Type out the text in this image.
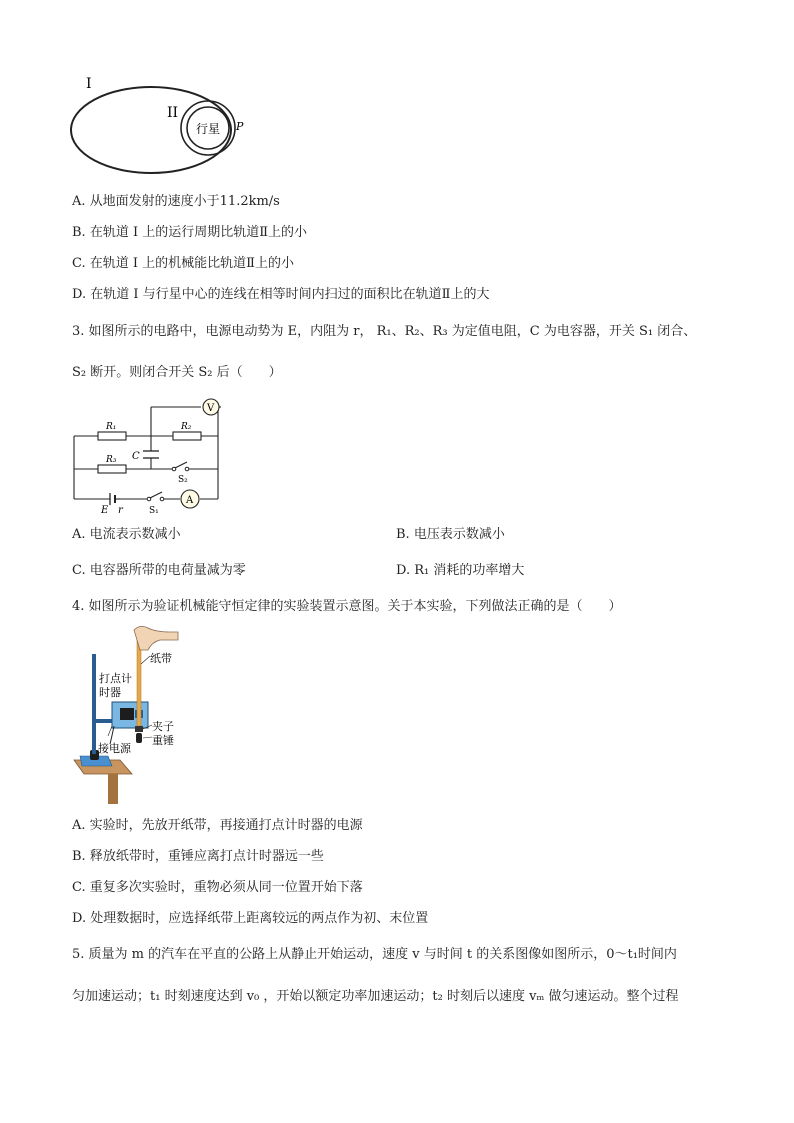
I
II
行星 P
A. 从地面发射的速度小于11.2km/s
B. 在轨道 I 上的运行周期比轨道Ⅱ上的小
C. 在轨道 I 上的机械能比轨道Ⅱ上的小
D. 在轨道 I 与行星中心的连线在相等时间内扫过的面积比在轨道Ⅱ上的大
3. 如图所示的电路中，电源电动势为 E，内阻为 r， R₁、R₂、R₃ 为定值电阻，C 为电容器，开关 S₁ 闭合、
S₂ 断开。则闭合开关 S₂ 后（　　）
V
A
R₁	R₂
R₃ C
S₂
E r	S₁
A. 电流表示数减小	B. 电压表示数减小
C. 电容器所带的电荷量减为零	D. R₁ 消耗的功率增大
4. 如图所示为验证机械能守恒定律的实验装置示意图。关于本实验，下列做法正确的是（　　）
纸带
打点计
时器
夹子
重锤
接电源
A. 实验时，先放开纸带，再接通打点计时器的电源
B. 释放纸带时，重锤应离打点计时器远一些
C. 重复多次实验时，重物必须从同一位置开始下落
D. 处理数据时，应选择纸带上距离较远的两点作为初、末位置
5. 质量为 m 的汽车在平直的公路上从静止开始运动，速度 v 与时间 t 的关系图像如图所示，0～t₁时间内
匀加速运动；t₁ 时刻速度达到 v₀ ，开始以额定功率加速运动；t₂ 时刻后以速度 vₘ 做匀速运动。整个过程
